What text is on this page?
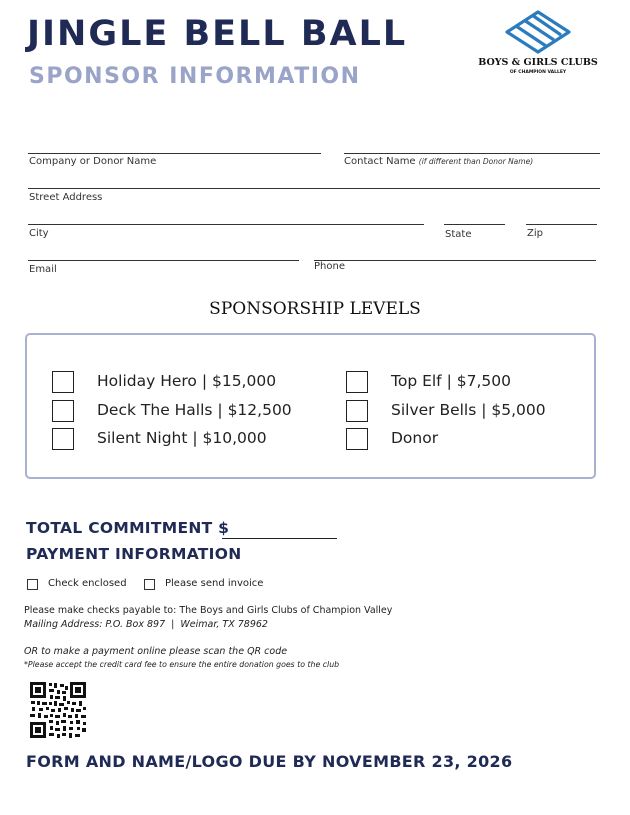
JINGLE BELL BALL
SPONSOR INFORMATION
BOYS & GIRLS CLUBS
OF CHAMPION VALLEY
Company or Donor Name	Contact Name (if different than Donor Name)
Street Address
City	State	Zip
Email	Phone
SPONSORSHIP LEVELS
Holiday Hero | $15,000
Deck The Halls | $12,500
Silent Night | $10,000
Top Elf | $7,500
Silver Bells | $5,000
Donor
TOTAL COMMITMENT $
PAYMENT INFORMATION
Check enclosed	Please send invoice
Please make checks payable to: The Boys and Girls Clubs of Champion Valley
Mailing Address: P.O. Box 897  |  Weimar, TX 78962
OR to make a payment online please scan the QR code
*Please accept the credit card fee to ensure the entire donation goes to the club
FORM AND NAME/LOGO DUE BY NOVEMBER 23, 2026
